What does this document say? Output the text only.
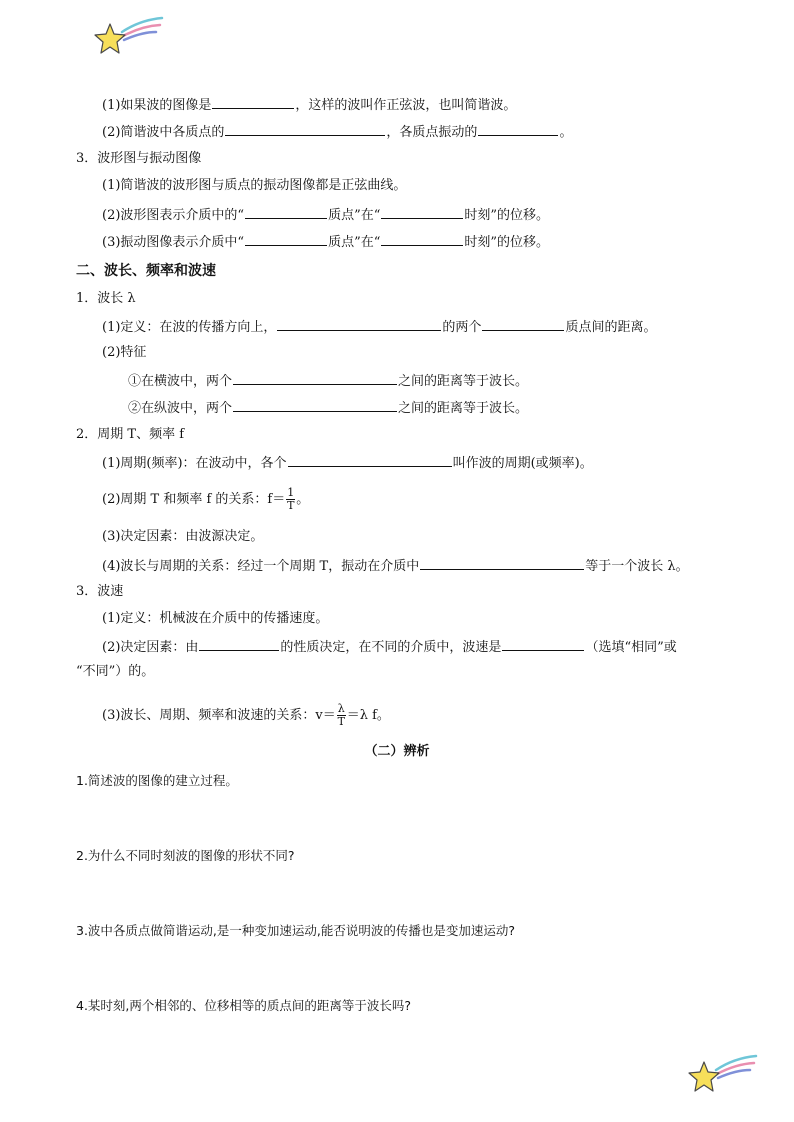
(1)如果波的图像是	，这样的波叫作正弦波，也叫简谐波。
(2)简谐波中各质点的	，各质点振动的	。
3．波形图与振动图像
(1)简谐波的波形图与质点的振动图像都是正弦曲线。
(2)波形图表示介质中的“	质点”在“	时刻”的位移。
(3)振动图像表示介质中“	质点”在“	时刻”的位移。
二、波长、频率和波速
1．波长 λ
(1)定义：在波的传播方向上，	的两个	质点间的距离。
(2)特征
①在横波中，两个	之间的距离等于波长。
②在纵波中，两个	之间的距离等于波长。
2．周期 T、频率 f
(1)周期(频率)：在波动中，各个	叫作波的周期(或频率)。
(2)周期 T 和频率 f 的关系：$f= \frac{1}{T}$ 。
(3)决定因素：由波源决定。
(4)波长与周期的关系：经过一个周期 T，振动在介质中	等于一个波长 λ。
3．波速
(1)定义：机械波在介质中的传播速度。
(2)决定因素：由	的性质决定，在不同的介质中，波速是	（选填“相同”或
“不同”）的。
(3)波长、周期、频率和波速的关系：$v= \frac{\lambda}{T} =\lambda$ f。
（二）辨析
1.简述波的图像的建立过程。
2.为什么不同时刻波的图像的形状不同?
3.波中各质点做简谐运动,是一种变加速运动,能否说明波的传播也是变加速运动?
4.某时刻,两个相邻的、位移相等的质点间的距离等于波长吗?
